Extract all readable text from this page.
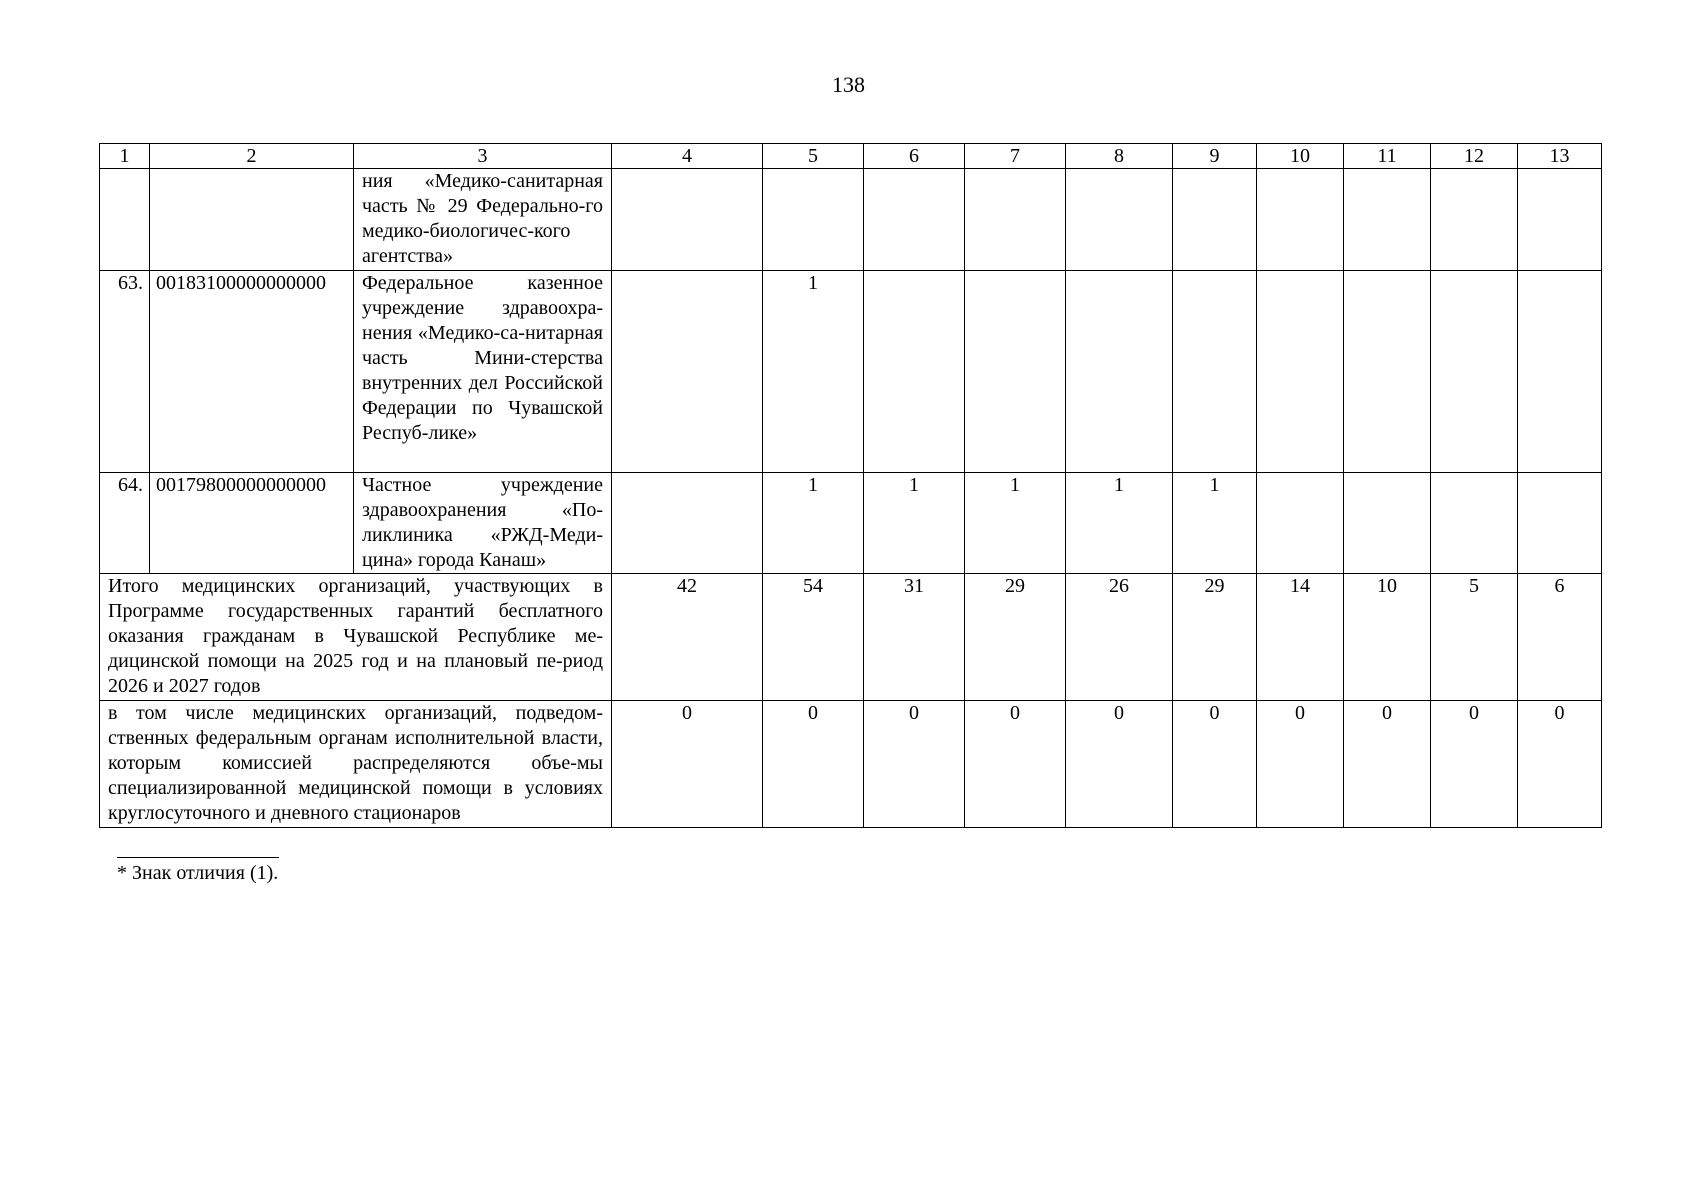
138
1	2	3	4	5	6	7	8	9	10	11	12	13
		ния «Медико-санитарная часть № 29 Федерально-го медико-биологичес-кого агентства»										
63.	00183100000000000	Федеральное казенное учреждение здравоохра-нения «Медико-са-нитарная часть Мини-стерства внутренних дел Российской Федерации по Чувашской Респуб-лике»		1								
64.	00179800000000000	Частное учреждение здравоохранения «По-ликлиника «РЖД-Меди-цина» города Канаш»		1	1	1	1	1				
Итого медицинских организаций, участвующих в Программе государственных гарантий бесплатного оказания гражданам в Чувашской Республике ме-дицинской помощи на 2025 год и на плановый пе-риод 2026 и 2027 годов			42	54	31	29	26	29	14	10	5	6
в том числе медицинских организаций, подведом-ственных федеральным органам исполнительной власти, которым комиссией распределяются объе-мы специализированной медицинской помощи в условиях круглосуточного и дневного стационаров			0	0	0	0	0	0	0	0	0	0
* Знак отличия (1).
